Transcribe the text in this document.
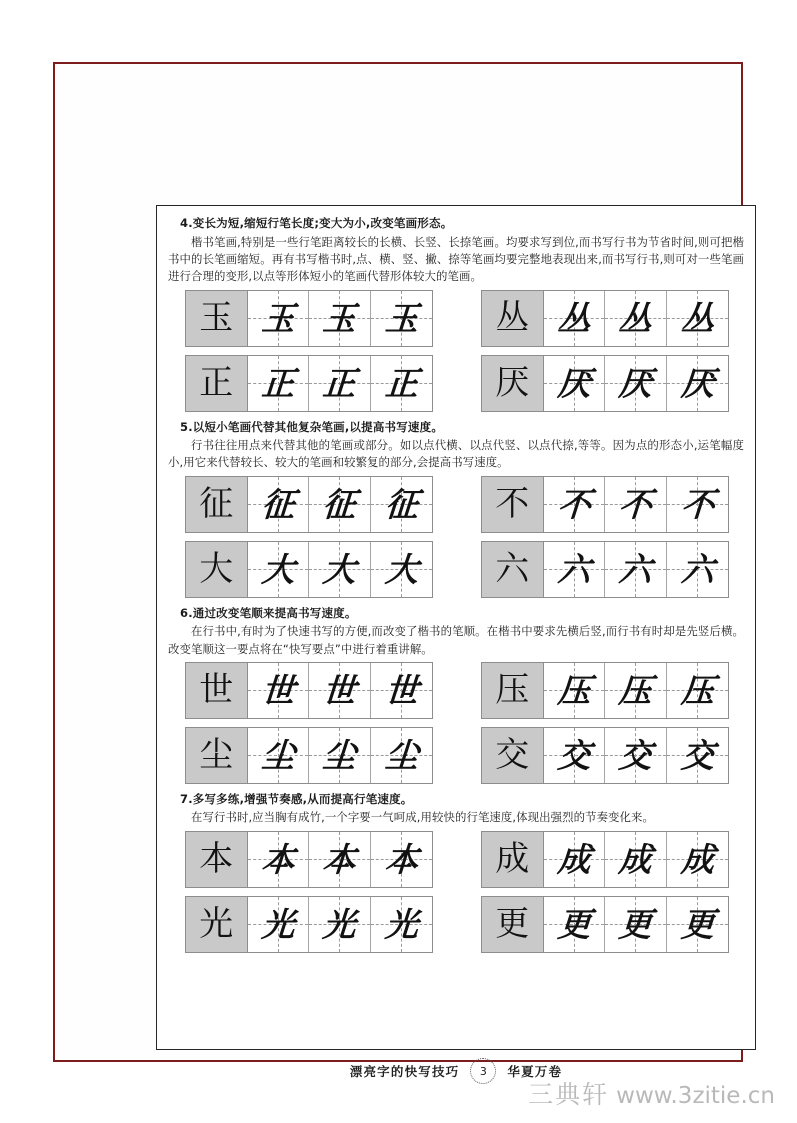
4.变长为短,缩短行笔长度;变大为小,改变笔画形态。

楷书笔画,特别是一些行笔距离较长的长横、长竖、长捺笔画。均要求写到位,而书写行书为节省时间,则可把楷书中的长笔画缩短。再有书写楷书时,点、横、竖、撇、捺等笔画均要完整地表现出来,而书写行书,则可对一些笔画进行合理的变形,以点等形体短小的笔画代替形体较大的笔画。

玉 玉 玉 玉
正 正 正 正
丛 丛 丛 丛
厌 厌 厌 厌
5.以短小笔画代替其他复杂笔画,以提高书写速度。

行书往往用点来代替其他的笔画或部分。如以点代横、以点代竖、以点代捺,等等。因为点的形态小,运笔幅度小,用它来代替较长、较大的笔画和较繁复的部分,会提高书写速度。

征 征 征 征
大 大 大 大
不 不 不 不
六 六 六 六
6.通过改变笔顺来提高书写速度。

在行书中,有时为了快速书写的方便,而改变了楷书的笔顺。在楷书中要求先横后竖,而行书有时却是先竖后横。改变笔顺这一要点将在“快写要点”中进行着重讲解。

世 世 世 世
尘 尘 尘 尘
压 压 压 压
交 交 交 交
7.多写多练,增强节奏感,从而提高行笔速度。

在写行书时,应当胸有成竹,一个字要一气呵成,用较快的行笔速度,体现出强烈的节奏变化来。

本 本 本 本
光 光 光 光
成 成 成 成
更 更 更 更
漂亮字的快写技巧	3	华夏万卷
三典轩 www.3zitie.cn
